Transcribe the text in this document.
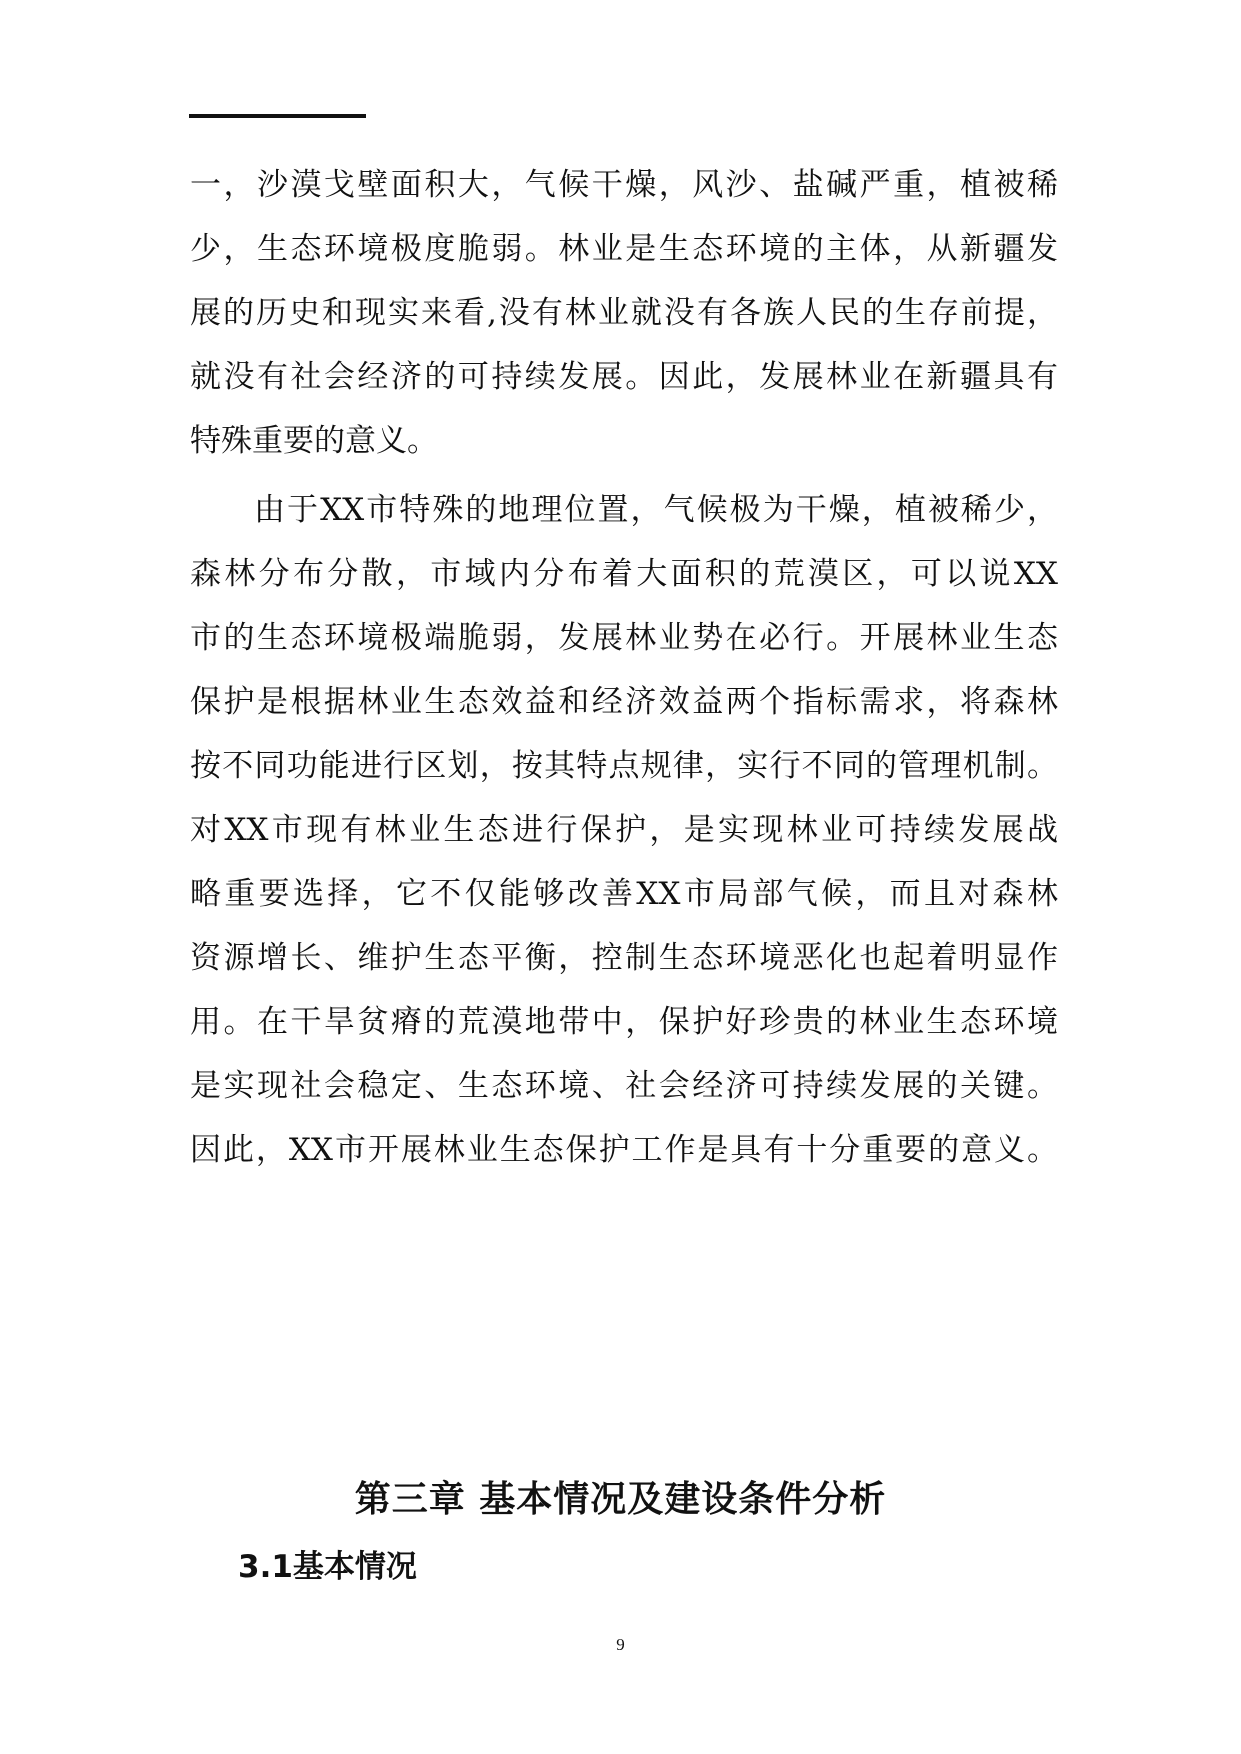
一，沙漠戈壁面积大，气候干燥，风沙、盐碱严重，植被稀
少，生态环境极度脆弱。林业是生态环境的主体，从新疆发
展的历史和现实来看,没有林业就没有各族人民的生存前提，
就没有社会经济的可持续发展。因此，发展林业在新疆具有
特殊重要的意义。
由于XX市特殊的地理位置，气候极为干燥，植被稀少，
森林分布分散，市域内分布着大面积的荒漠区，可以说XX
市的生态环境极端脆弱，发展林业势在必行。开展林业生态
保护是根据林业生态效益和经济效益两个指标需求，将森林
按不同功能进行区划，按其特点规律，实行不同的管理机制。
对XX市现有林业生态进行保护，是实现林业可持续发展战
略重要选择，它不仅能够改善XX市局部气候，而且对森林
资源增长、维护生态平衡，控制生态环境恶化也起着明显作
用。在干旱贫瘠的荒漠地带中，保护好珍贵的林业生态环境
是实现社会稳定、生态环境、社会经济可持续发展的关键。
因此，XX市开展林业生态保护工作是具有十分重要的意义。
第三章 基本情况及建设条件分析
3.1基本情况
9
